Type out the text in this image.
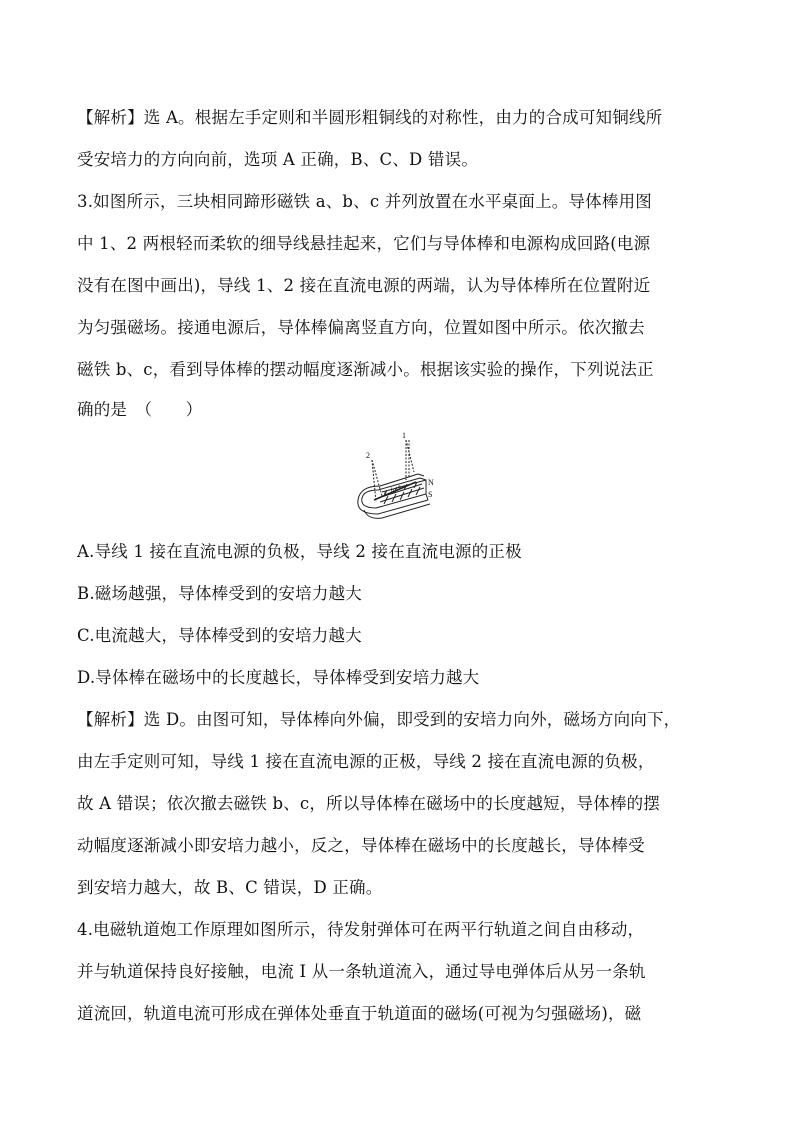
【解析】选 A。根据左手定则和半圆形粗铜线的对称性，由力的合成可知铜线所
受安培力的方向向前，选项 A 正确，B、C、D 错误。
3.如图所示，三块相同蹄形磁铁 a、b、c 并列放置在水平桌面上。导体棒用图
中 1、2 两根轻而柔软的细导线悬挂起来，它们与导体棒和电源构成回路(电源
没有在图中画出)，导线 1、2 接在直流电源的两端，认为导体棒所在位置附近
为匀强磁场。接通电源后，导体棒偏离竖直方向，位置如图中所示。依次撤去
磁铁 b、c，看到导体棒的摆动幅度逐渐减小。根据该实验的操作，下列说法正
确的是　（　　）
1
2
N
S
a
b
c
A.导线 1 接在直流电源的负极，导线 2 接在直流电源的正极
B.磁场越强，导体棒受到的安培力越大
C.电流越大，导体棒受到的安培力越大
D.导体棒在磁场中的长度越长，导体棒受到安培力越大
【解析】选 D。由图可知，导体棒向外偏，即受到的安培力向外，磁场方向向下，
由左手定则可知，导线 1 接在直流电源的正极，导线 2 接在直流电源的负极，
故 A 错误；依次撤去磁铁 b、c，所以导体棒在磁场中的长度越短，导体棒的摆
动幅度逐渐减小即安培力越小，反之，导体棒在磁场中的长度越长，导体棒受
到安培力越大，故 B、C 错误，D 正确。
4.电磁轨道炮工作原理如图所示，待发射弹体可在两平行轨道之间自由移动，
并与轨道保持良好接触，电流 I 从一条轨道流入，通过导电弹体后从另一条轨
道流回，轨道电流可形成在弹体处垂直于轨道面的磁场(可视为匀强磁场)，磁
